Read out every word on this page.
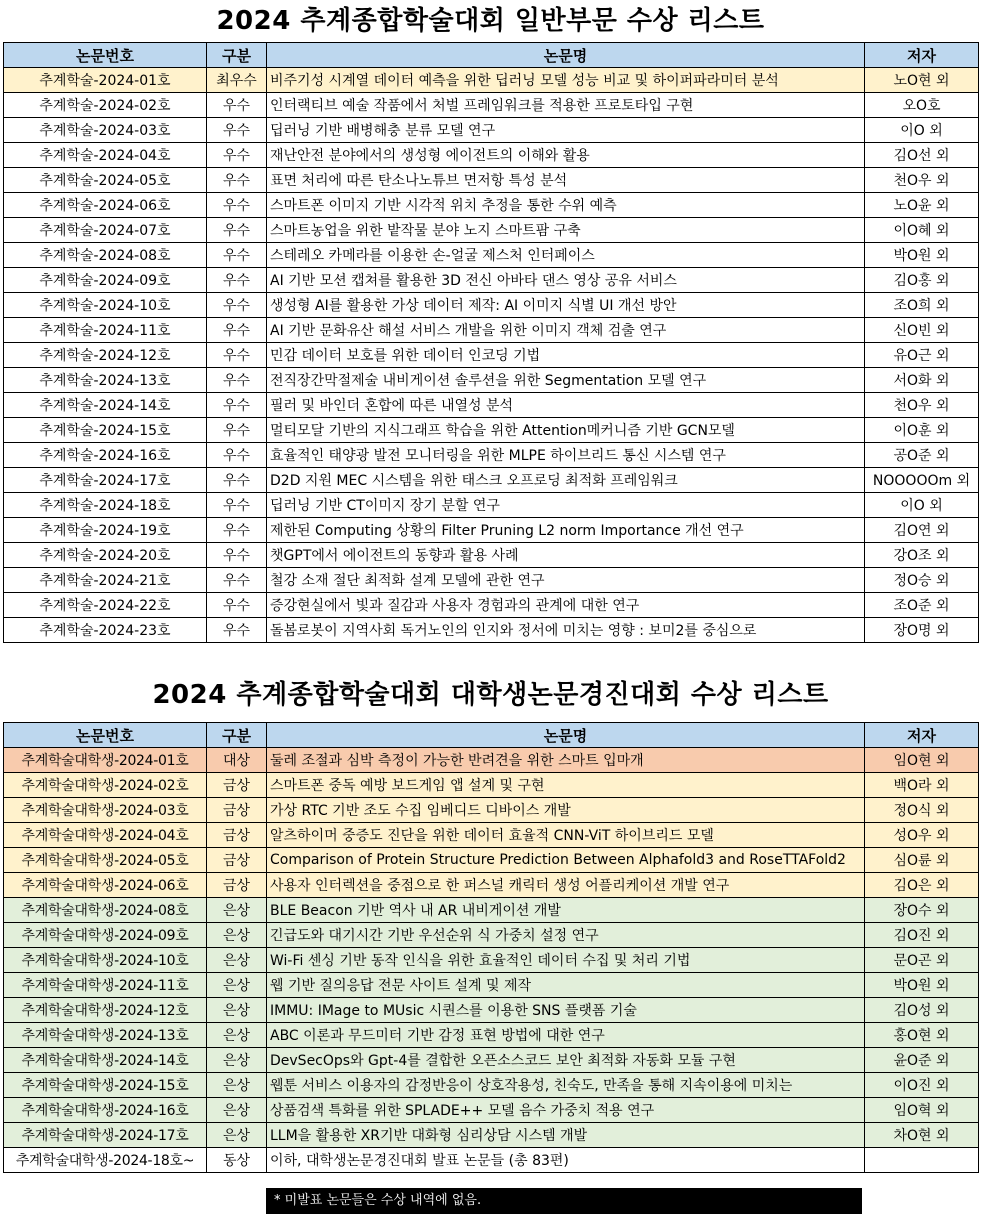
2024 추계종합학술대회 일반부문 수상 리스트
논문번호	구분	논문명	저자
추계학술-2024-01호	최우수	비주기성 시계열 데이터 예측을 위한 딥러닝 모델 성능 비교 및 하이퍼파라미터 분석	노O현 외
추계학술-2024-02호	우수	인터랙티브 예술 작품에서 처벌 프레임워크를 적용한 프로토타입 구현	오O호
추계학술-2024-03호	우수	딥러닝 기반 배병해충 분류 모델 연구	이O 외
추계학술-2024-04호	우수	재난안전 분야에서의 생성형 에이전트의 이해와 활용	김O선 외
추계학술-2024-05호	우수	표면 처리에 따른 탄소나노튜브 면저항 특성 분석	천O우 외
추계학술-2024-06호	우수	스마트폰 이미지 기반 시각적 위치 추정을 통한 수위 예측	노O윤 외
추계학술-2024-07호	우수	스마트농업을 위한 밭작물 분야 노지 스마트팜 구축	이O혜 외
추계학술-2024-08호	우수	스테레오 카메라를 이용한 손-얼굴 제스처 인터페이스	박O원 외
추계학술-2024-09호	우수	AI 기반 모션 캡쳐를 활용한 3D 전신 아바타 댄스 영상 공유 서비스	김O홍 외
추계학술-2024-10호	우수	생성형 AI를 활용한 가상 데이터 제작: AI 이미지 식별 UI 개선 방안	조O희 외
추계학술-2024-11호	우수	AI 기반 문화유산 해설 서비스 개발을 위한 이미지 객체 검출 연구	신O빈 외
추계학술-2024-12호	우수	민감 데이터 보호를 위한 데이터 인코딩 기법	유O근 외
추계학술-2024-13호	우수	전직장간막절제술 내비게이션 솔루션을 위한 Segmentation 모델 연구	서O화 외
추계학술-2024-14호	우수	필러 및 바인더 혼합에 따른 내열성 분석	천O우 외
추계학술-2024-15호	우수	멀티모달 기반의 지식그래프 학습을 위한 Attention메커니즘 기반 GCN모델	이O훈 외
추계학술-2024-16호	우수	효율적인 태양광 발전 모니터링을 위한 MLPE 하이브리드 통신 시스템 연구	공O준 외
추계학술-2024-17호	우수	D2D 지원 MEC 시스템을 위한 태스크 오프로딩 최적화 프레임워크	NOOOOOm 외
추계학술-2024-18호	우수	딥러닝 기반 CT이미지 장기 분할 연구	이O 외
추계학술-2024-19호	우수	제한된 Computing 상황의 Filter Pruning L2 norm Importance 개선 연구	김O연 외
추계학술-2024-20호	우수	챗GPT에서 에이전트의 동향과 활용 사례	강O조 외
추계학술-2024-21호	우수	철강 소재 절단 최적화 설계 모델에 관한 연구	정O승 외
추계학술-2024-22호	우수	증강현실에서 빛과 질감과 사용자 경험과의 관계에 대한 연구	조O준 외
추계학술-2024-23호	우수	돌봄로봇이 지역사회 독거노인의 인지와 정서에 미치는 영향 : 보미2를 중심으로	장O명 외
2024 추계종합학술대회 대학생논문경진대회 수상 리스트
논문번호	구분	논문명	저자
추계학술대학생-2024-01호	대상	둘레 조절과 심박 측정이 가능한 반려견을 위한 스마트 입마개	임O현 외
추계학술대학생-2024-02호	금상	스마트폰 중독 예방 보드게임 앱 설계 및 구현	백O라 외
추계학술대학생-2024-03호	금상	가상 RTC 기반 조도 수집 임베디드 디바이스 개발	정O식 외
추계학술대학생-2024-04호	금상	알츠하이머 중증도 진단을 위한 데이터 효율적 CNN-ViT 하이브리드 모델	성O우 외
추계학술대학생-2024-05호	금상	Comparison of Protein Structure Prediction Between Alphafold3 and RoseTTAFold2	심O륜 외
추계학술대학생-2024-06호	금상	사용자 인터렉션을 중점으로 한 퍼스널 캐릭터 생성 어플리케이션 개발 연구	김O은 외
추계학술대학생-2024-08호	은상	BLE Beacon 기반 역사 내 AR 내비게이션 개발	장O수 외
추계학술대학생-2024-09호	은상	긴급도와 대기시간 기반 우선순위 식 가중치 설정 연구	김O진 외
추계학술대학생-2024-10호	은상	Wi-Fi 센싱 기반 동작 인식을 위한 효율적인 데이터 수집 및 처리 기법	문O곤 외
추계학술대학생-2024-11호	은상	웹 기반 질의응답 전문 사이트 설계 및 제작	박O원 외
추계학술대학생-2024-12호	은상	IMMU: IMage to MUsic 시퀀스를 이용한 SNS 플랫폼 기술	김O성 외
추계학술대학생-2024-13호	은상	ABC 이론과 무드미터 기반 감정 표현 방법에 대한 연구	홍O현 외
추계학술대학생-2024-14호	은상	DevSecOps와 Gpt-4를 결합한 오픈소스코드 보안 최적화 자동화 모듈 구현	윤O준 외
추계학술대학생-2024-15호	은상	웹툰 서비스 이용자의 감정반응이 상호작용성, 친숙도, 만족을 통해 지속이용에 미치는	이O진 외
추계학술대학생-2024-16호	은상	상품검색 특화를 위한 SPLADE++ 모델 음수 가중치 적용 연구	임O혁 외
추계학술대학생-2024-17호	은상	LLM을 활용한 XR기반 대화형 심리상담 시스템 개발	차O현 외
추계학술대학생-2024-18호~	동상	이하, 대학생논문경진대회 발표 논문들 (총 83편)	
* 미발표 논문들은 수상 내역에 없음.
